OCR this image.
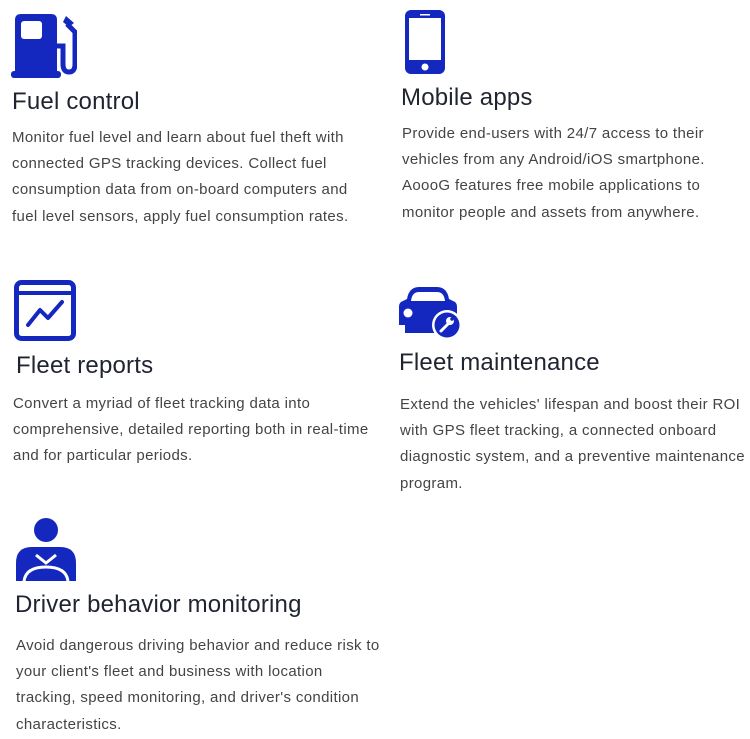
Fuel control

Monitor fuel level and learn about fuel theft with connected GPS tracking devices. Collect fuel consumption data from on-board computers and fuel level sensors, apply fuel consumption rates.

Mobile apps

Provide end-users with 24/7 access to their vehicles from any Android/iOS smartphone. AoooG features free mobile applications to monitor people and assets from anywhere.

Fleet reports

Convert a myriad of fleet tracking data into comprehensive, detailed reporting both in real-time and for particular periods.

Fleet maintenance

Extend the vehicles' lifespan and boost their ROI with GPS fleet tracking, a connected onboard diagnostic system, and a preventive maintenance program.

Driver behavior monitoring

Avoid dangerous driving behavior and reduce risk to your client's fleet and business with location tracking, speed monitoring, and driver's condition characteristics.
